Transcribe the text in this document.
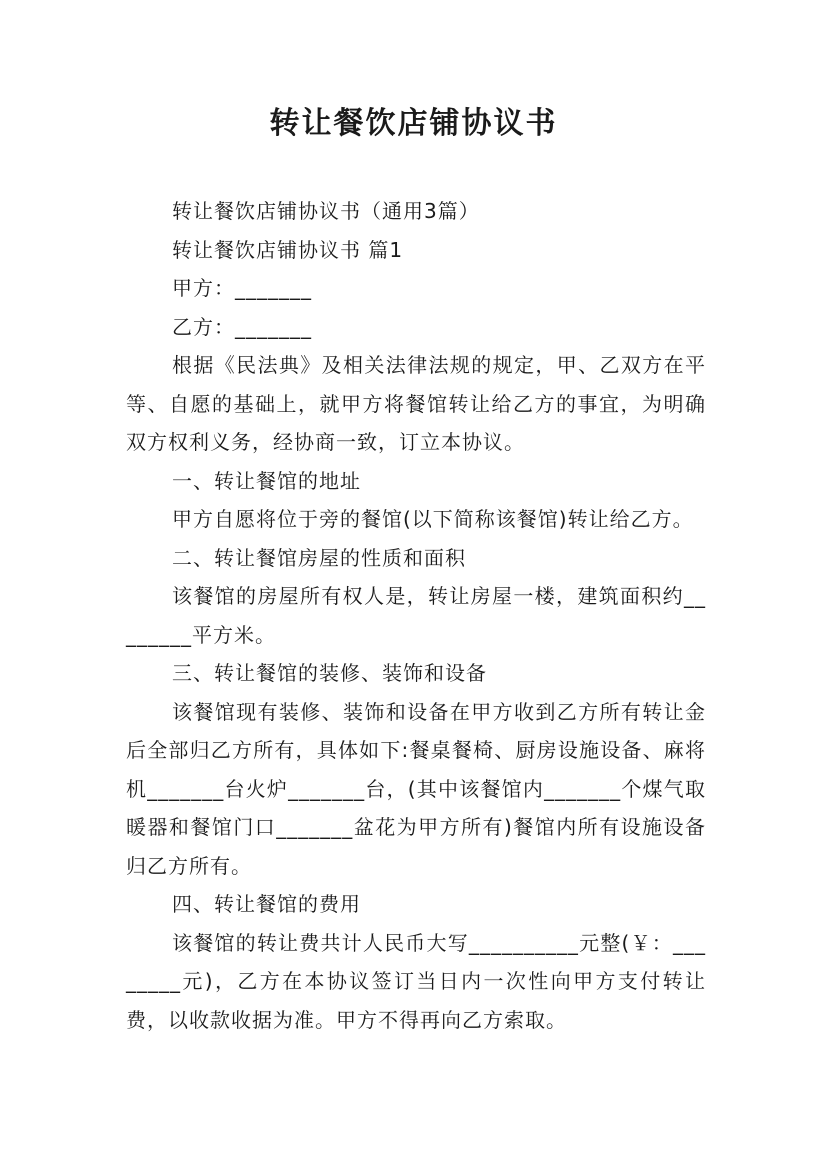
转让餐饮店铺协议书

转让餐饮店铺协议书（通用3篇）

转让餐饮店铺协议书 篇1

甲方：_______

乙方：_______

根据《民法典》及相关法律法规的规定，甲、乙双方在平等、自愿的基础上，就甲方将餐馆转让给乙方的事宜，为明确双方权利义务，经协商一致，订立本协议。

一、转让餐馆的地址

甲方自愿将位于旁的餐馆(以下简称该餐馆)转让给乙方。

二、转让餐馆房屋的性质和面积

该餐馆的房屋所有权人是，转让房屋一楼，建筑面积约________平方米。

三、转让餐馆的装修、装饰和设备

该餐馆现有装修、装饰和设备在甲方收到乙方所有转让金后全部归乙方所有，具体如下:餐桌餐椅、厨房设施设备、麻将机_______台火炉_______台，(其中该餐馆内_______个煤气取暖器和餐馆门口_______盆花为甲方所有)餐馆内所有设施设备归乙方所有。

四、转让餐馆的费用

该餐馆的转让费共计人民币大写__________元整(￥：________元)，乙方在本协议签订当日内一次性向甲方支付转让费，以收款收据为准。甲方不得再向乙方索取。
